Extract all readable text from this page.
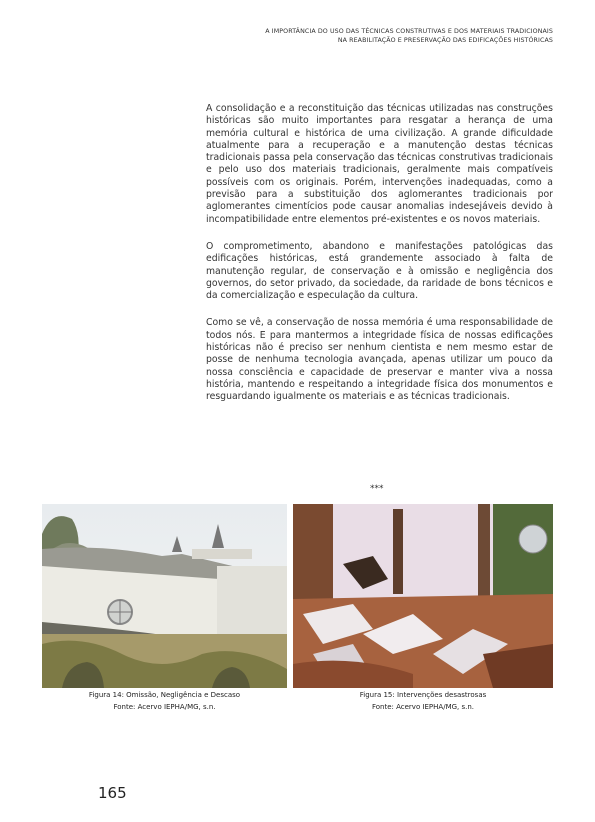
A IMPORTÂNCIA DO USO DAS TÉCNICAS CONSTRUTIVAS E DOS MATERIAIS TRADICIONAIS
NA REABILITAÇÃO E PRESERVAÇÃO DAS EDIFICAÇÕES HISTÓRICAS

A consolidação e a reconstituição das técnicas utilizadas nas construções históricas são muito importantes para resgatar a herança de uma memória cultural e histórica de uma civilização. A grande dificuldade atualmente para a recuperação e a manutenção destas técnicas tradicionais passa pela conservação das técnicas construtivas tradicionais e pelo uso dos materiais tradicionais, geralmente mais compatíveis possíveis com os originais. Porém, intervenções inadequadas, como a previsão para a substituição dos aglomerantes tradicionais por aglomerantes cimentícios pode causar anomalias indesejáveis devido à incompatibilidade entre elementos pré-existentes e os novos materiais.

O comprometimento, abandono e manifestações patológicas das edificações históricas, está grandemente associado à falta de manutenção regular, de conservação e à omissão e negligência dos governos, do setor privado, da sociedade, da raridade de bons técnicos e da comercialização e especulação da cultura.

Como se vê, a conservação de nossa memória é uma responsabilidade de todos nós. E para mantermos a integridade física de nossas edificações históricas não é preciso ser nenhum cientista e nem mesmo estar de posse de nenhuma tecnologia avançada, apenas utilizar um pouco da nossa consciência e capacidade de preservar e manter viva a nossa história, mantendo e respeitando a integridade física dos monumentos e resguardando igualmente os materiais e as técnicas tradicionais.

***
Figura 14: Omissão, Negligência e Descaso
Fonte: Acervo IEPHA/MG, s.n.
Figura 15: Intervenções desastrosas
Fonte: Acervo IEPHA/MG, s.n.
165
